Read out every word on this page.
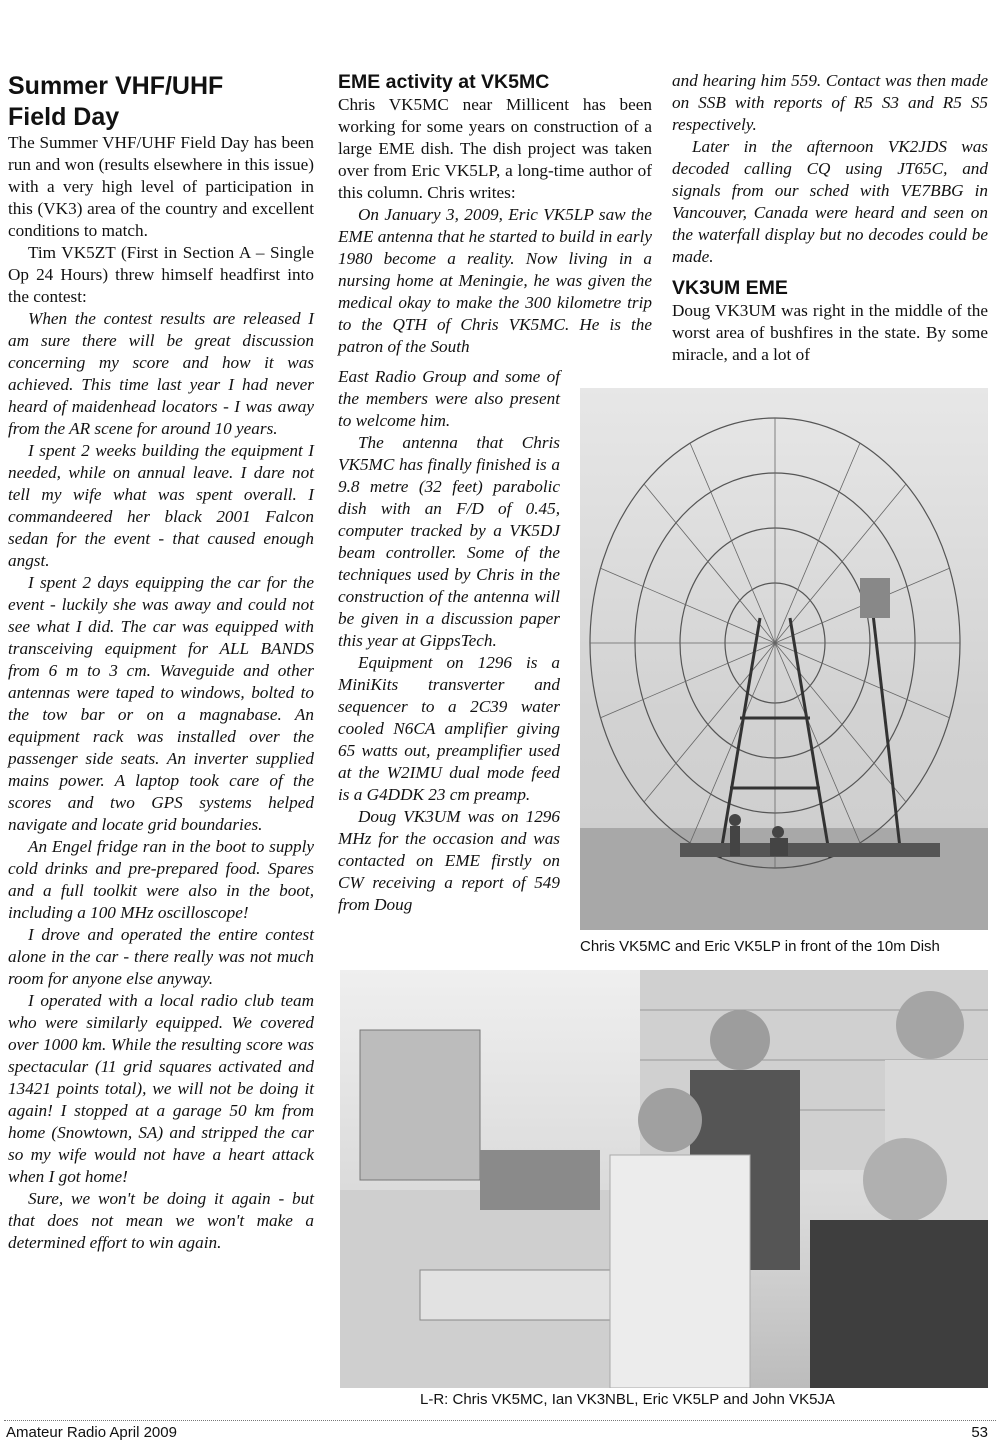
Summer VHF/UHF
Field Day

The Summer VHF/UHF Field Day has been run and won (results elsewhere in this issue) with a very high level of participation in this (VK3) area of the country and excellent conditions to match.

Tim VK5ZT (First in Section A – Single Op 24 Hours) threw himself headfirst into the contest:

When the contest results are released I am sure there will be great discussion concerning my score and how it was achieved. This time last year I had never heard of maidenhead locators - I was away from the AR scene for around 10 years.

I spent 2 weeks building the equipment I needed, while on annual leave. I dare not tell my wife what was spent overall. I commandeered her black 2001 Falcon sedan for the event - that caused enough angst.

I spent 2 days equipping the car for the event - luckily she was away and could not see what I did. The car was equipped with transceiving equipment for ALL BANDS from 6 m to 3 cm. Waveguide and other antennas were taped to windows, bolted to the tow bar or on a magnabase. An equipment rack was installed over the passenger side seats. An inverter supplied mains power. A laptop took care of the scores and two GPS systems helped navigate and locate grid boundaries.

An Engel fridge ran in the boot to supply cold drinks and pre-prepared food. Spares and a full toolkit were also in the boot, including a 100 MHz oscilloscope!

I drove and operated the entire contest alone in the car - there really was not much room for anyone else anyway.

I operated with a local radio club team who were similarly equipped. We covered over 1000 km. While the resulting score was spectacular (11 grid squares activated and 13421 points total), we will not be doing it again! I stopped at a garage 50 km from home (Snowtown, SA) and stripped the car so my wife would not have a heart attack when I got home!

Sure, we won't be doing it again - but that does not mean we won't make a determined effort to win again.

EME activity at VK5MC

Chris VK5MC near Millicent has been working for some years on construction of a large EME dish. The dish project was taken over from Eric VK5LP, a long-time author of this column. Chris writes:

On January 3, 2009, Eric VK5LP saw the EME antenna that he started to build in early 1980 become a reality. Now living in a nursing home at Meningie, he was given the medical okay to make the 300 kilometre trip to the QTH of Chris VK5MC. He is the patron of the South

East Radio Group and some of the members were also present to welcome him.

The antenna that Chris VK5MC has finally finished is a 9.8 metre (32 feet) parabolic dish with an F/D of 0.45, computer tracked by a VK5DJ beam controller. Some of the techniques used by Chris in the construction of the antenna will be given in a discussion paper this year at GippsTech.

Equipment on 1296 is a MiniKits transverter and sequencer to a 2C39 water cooled N6CA amplifier giving 65 watts out, preamplifier used at the W2IMU dual mode feed is a G4DDK 23 cm preamp.

Doug VK3UM was on 1296 MHz for the occasion and was contacted on EME firstly on CW receiving a report of 549 from Doug

and hearing him 559. Contact was then made on SSB with reports of R5 S3 and R5 S5 respectively.

Later in the afternoon VK2JDS was decoded calling CQ using JT65C, and signals from our sched with VE7BBG in Vancouver, Canada were heard and seen on the waterfall display but no decodes could be made.

VK3UM EME

Doug VK3UM was right in the middle of the worst area of bushfires in the state. By some miracle, and a lot of

Chris VK5MC and Eric VK5LP in front of the 10m Dish
L-R: Chris VK5MC, Ian VK3NBL, Eric VK5LP and John VK5JA
Amateur Radio April 2009	53
